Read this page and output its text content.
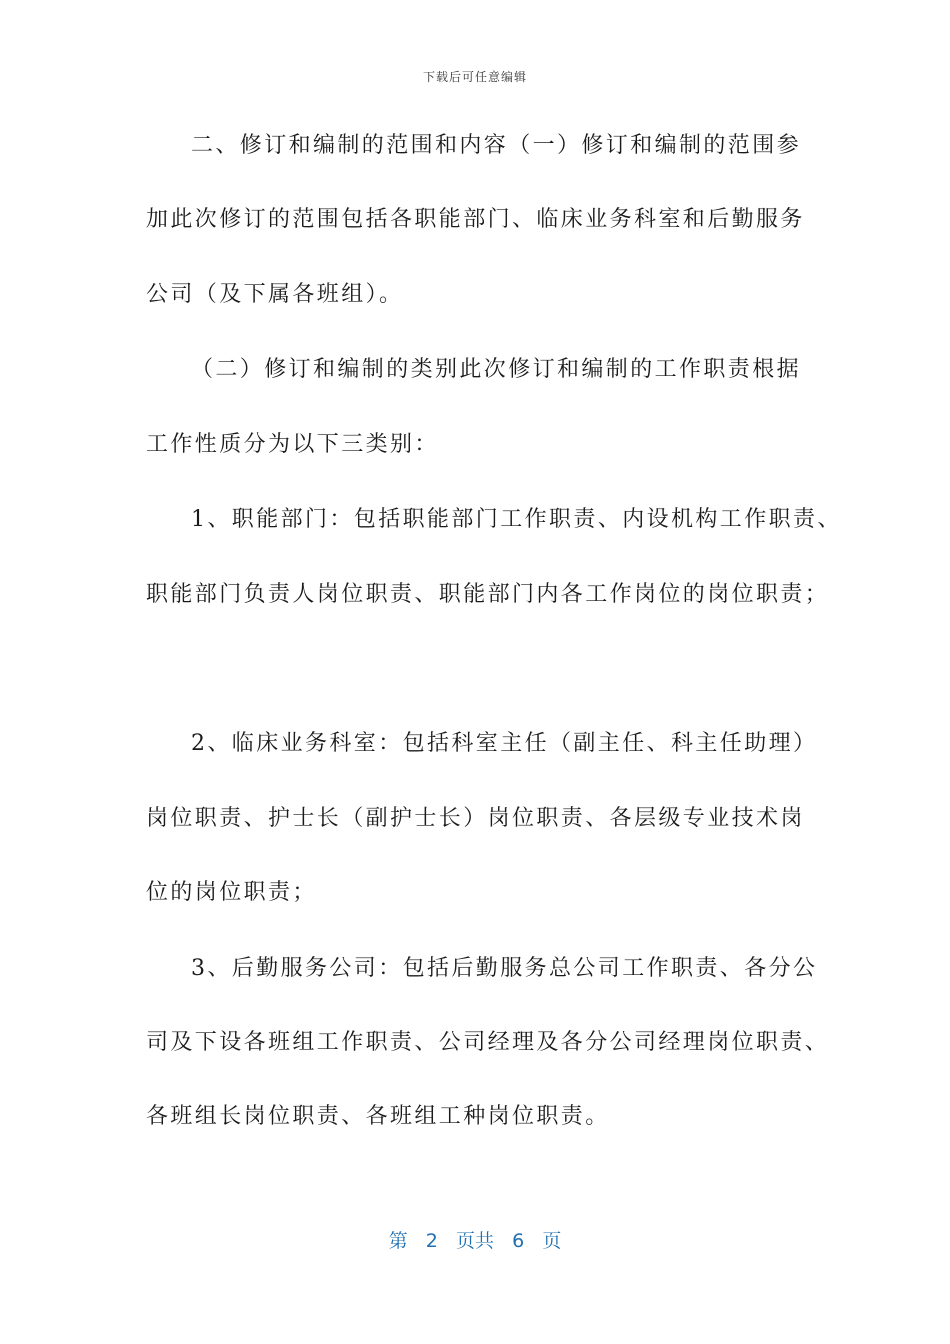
下载后可任意编辑
二、修订和编制的范围和内容（一）修订和编制的范围参
加此次修订的范围包括各职能部门、临床业务科室和后勤服务
公司（及下属各班组）。
（二）修订和编制的类别此次修订和编制的工作职责根据
工作性质分为以下三类别：
1、职能部门：包括职能部门工作职责、内设机构工作职责、
职能部门负责人岗位职责、职能部门内各工作岗位的岗位职责；
2、临床业务科室：包括科室主任（副主任、科主任助理）
岗位职责、护士长（副护士长）岗位职责、各层级专业技术岗
位的岗位职责；
3、后勤服务公司：包括后勤服务总公司工作职责、各分公
司及下设各班组工作职责、公司经理及各分公司经理岗位职责、
各班组长岗位职责、各班组工种岗位职责。
第 2 页共 6 页
